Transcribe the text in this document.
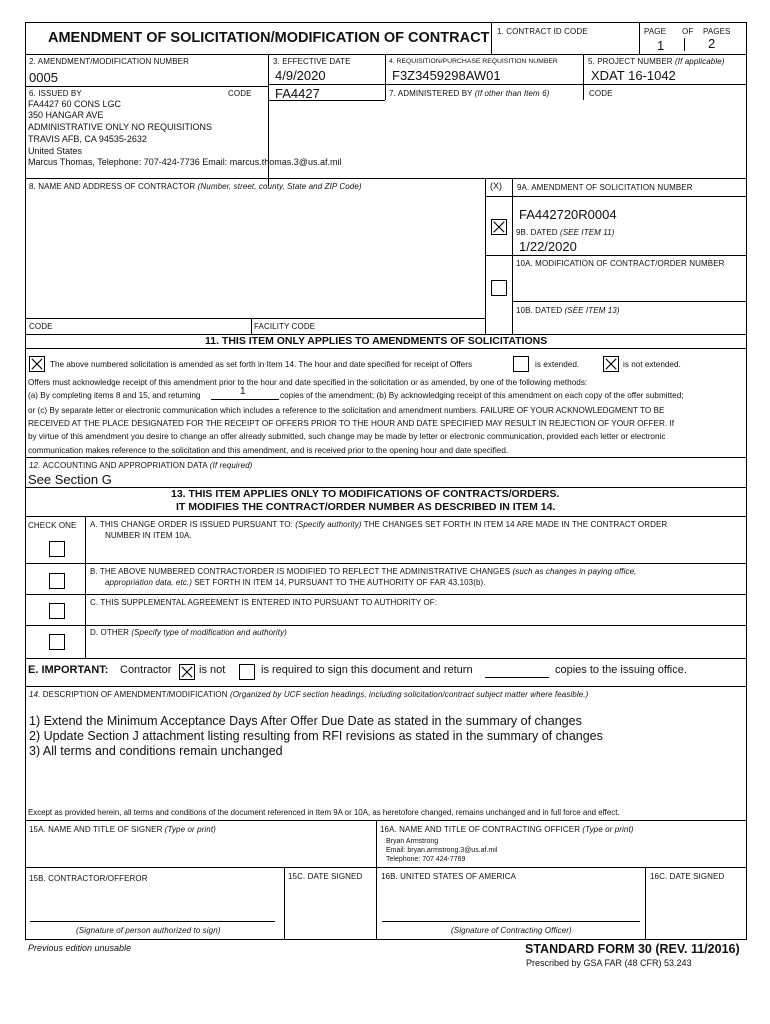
AMENDMENT OF SOLICITATION/MODIFICATION OF CONTRACT 1. CONTRACT ID CODE	PAGE OF PAGES
1	2
2. AMENDMENT/MODIFICATION NUMBER
0005
3. EFFECTIVE DATE
4/9/2020
4. REQUISITION/PURCHASE REQUISITION NUMBER
F3Z3459298AW01
5. PROJECT NUMBER (If applicable)
XDAT 16-1042
6. ISSUED BY	CODE FA4427	7. ADMINISTERED BY (If other than Item 6)	CODE
FA4427 60 CONS LGC
350 HANGAR AVE
ADMINISTRATIVE ONLY NO REQUISITIONS
TRAVIS AFB, CA 94535-2632
United States
Marcus Thomas, Telephone: 707-424-7736 Email: marcus.thomas.3@us.af.mil
8. NAME AND ADDRESS OF CONTRACTOR (Number, street, county, State and ZIP Code)	(X) 9A. AMENDMENT OF SOLICITATION NUMBER
FA442720R0004
9B. DATED (SEE ITEM 11)
1/22/2020
10A. MODIFICATION OF CONTRACT/ORDER NUMBER
10B. DATED (SEE ITEM 13)
CODE	FACILITY CODE
11. THIS ITEM ONLY APPLIES TO AMENDMENTS OF SOLICITATIONS
The above numbered solicitation is amended as set forth in Item 14. The hour and date specified for receipt of Offers	is extended.	is not extended.
Offers must acknowledge receipt of this amendment prior to the hour and date specified in the solicitation or as amended, by one of the following methods:
(a) By completing items 8 and 15, and returning	1	copies of the amendment; (b) By acknowledging receipt of this amendment on each copy of the offer submitted;
or (c) By separate letter or electronic communication which includes a reference to the solicitation and amendment numbers. FAILURE OF YOUR ACKNOWLEDGMENT TO BE
RECEIVED AT THE PLACE DESIGNATED FOR THE RECEIPT OF OFFERS PRIOR TO THE HOUR AND DATE SPECIFIED MAY RESULT IN REJECTION OF YOUR OFFER. If
by virtue of this amendment you desire to change an offer already submitted, such change may be made by letter or electronic communication, provided each letter or electronic
communication makes reference to the solicitation and this amendment, and is received prior to the opening hour and date specified.
12. ACCOUNTING AND APPROPRIATION DATA (If required)
See Section G
13. THIS ITEM APPLIES ONLY TO MODIFICATIONS OF CONTRACTS/ORDERS.
IT MODIFIES THE CONTRACT/ORDER NUMBER AS DESCRIBED IN ITEM 14.
CHECK ONE A. THIS CHANGE ORDER IS ISSUED PURSUANT TO: (Specify authority) THE CHANGES SET FORTH IN ITEM 14 ARE MADE IN THE CONTRACT ORDER
NUMBER IN ITEM 10A.
B. THE ABOVE NUMBERED CONTRACT/ORDER IS MODIFIED TO REFLECT THE ADMINISTRATIVE CHANGES (such as changes in paying office,
appropriation data, etc.) SET FORTH IN ITEM 14, PURSUANT TO THE AUTHORITY OF FAR 43.103(b).
C. THIS SUPPLEMENTAL AGREEMENT IS ENTERED INTO PURSUANT TO AUTHORITY OF:
D. OTHER (Specify type of modification and authority)
E. IMPORTANT: Contractor	is not	is required to sign this document and return	copies to the issuing office.
14. DESCRIPTION OF AMENDMENT/MODIFICATION (Organized by UCF section headings, including solicitation/contract subject matter where feasible.)
1) Extend the Minimum Acceptance Days After Offer Due Date as stated in the summary of changes
2) Update Section J attachment listing resulting from RFI revisions as stated in the summary of changes
3) All terms and conditions remain unchanged
Except as provided herein, all terms and conditions of the document referenced in Item 9A or 10A, as heretofore changed, remains unchanged and in full force and effect.
15A. NAME AND TITLE OF SIGNER (Type or print)	16A. NAME AND TITLE OF CONTRACTING OFFICER (Type or print)
Bryan Armstrong
Email: bryan.armstrong.3@us.af.mil
Telephone: 707 424-7769
15B. CONTRACTOR/OFFEROR	15C. DATE SIGNED 16B. UNITED STATES OF AMERICA	16C. DATE SIGNED
(Signature of person authorized to sign)	(Signature of Contracting Officer)
Previous edition unusable	STANDARD FORM 30 (REV. 11/2016)
Prescribed by GSA FAR (48 CFR) 53.243
